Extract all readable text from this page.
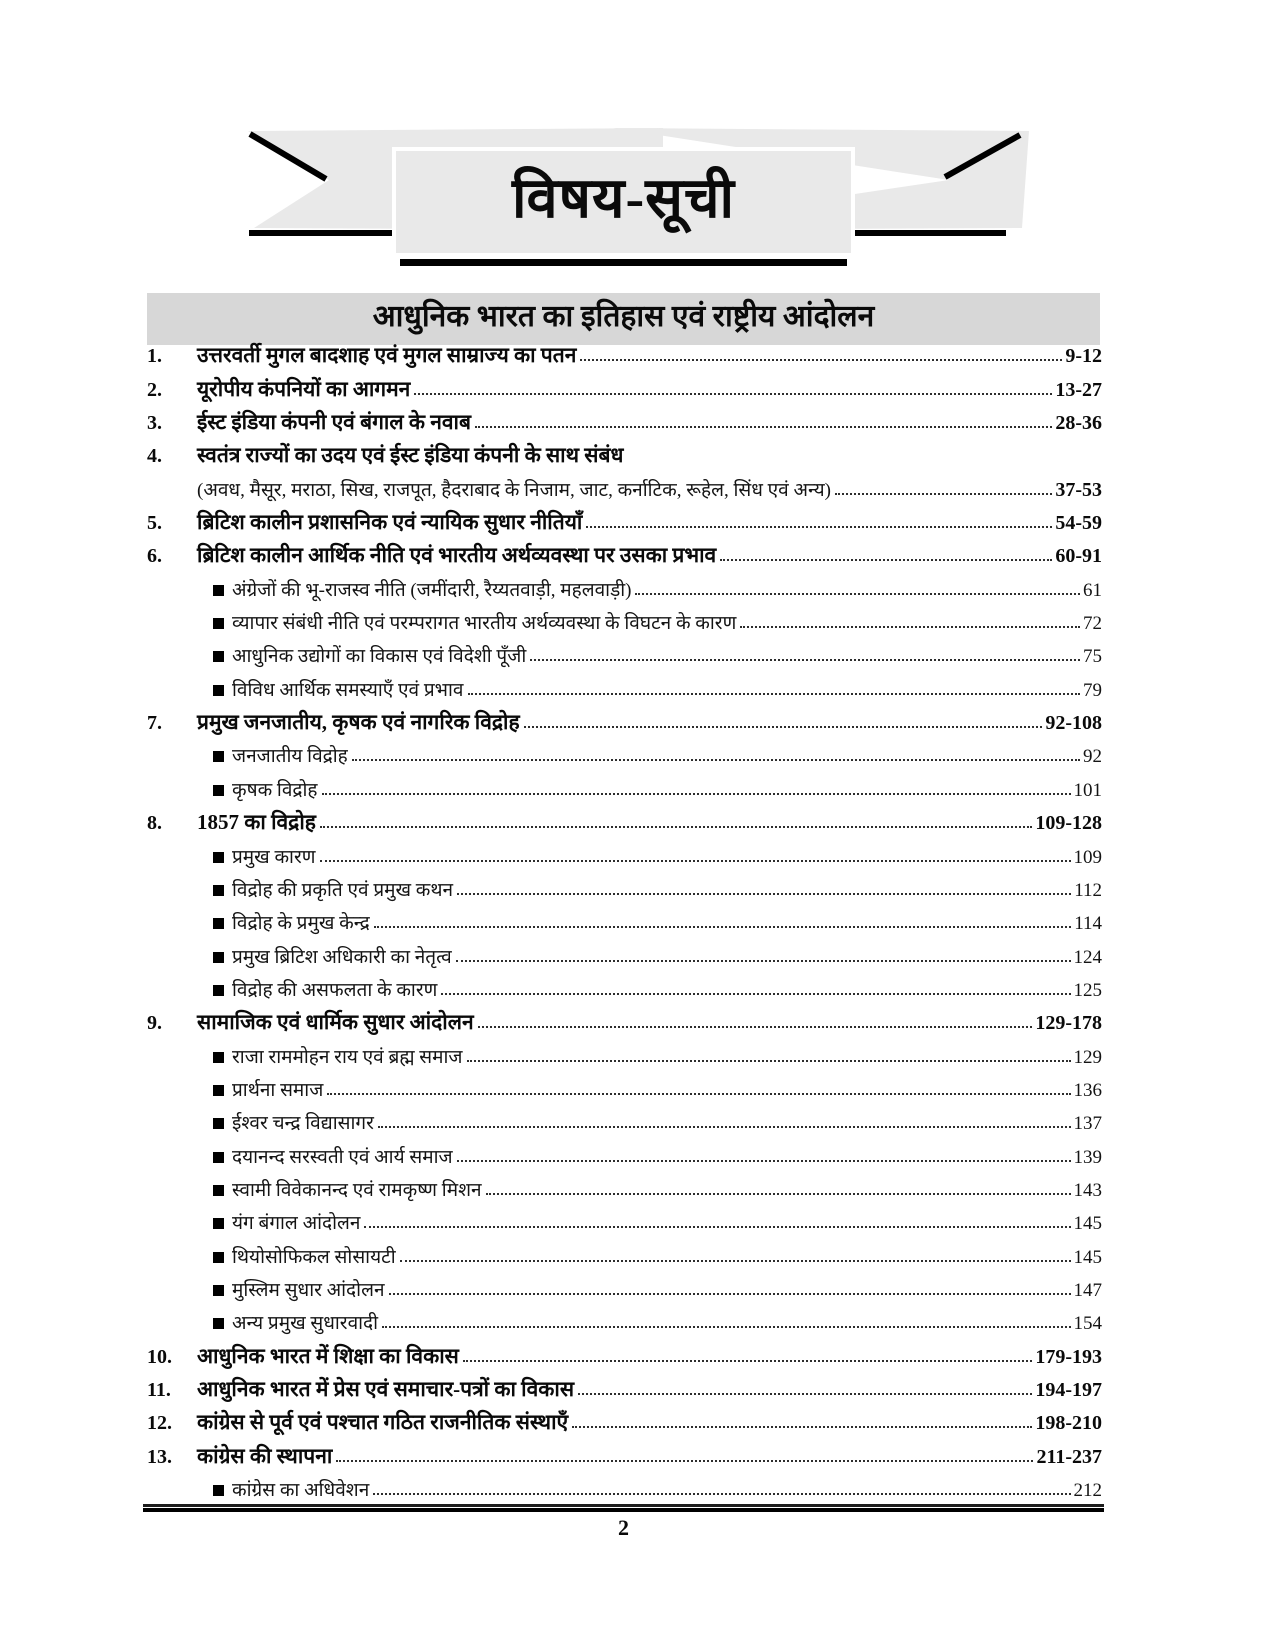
विषय-सूची
आधुनिक भारत का इतिहास एवं राष्ट्रीय आंदोलन
1.	उत्तरवर्ती मुगल बादशाह एवं मुगल साम्राज्य का पतन	9-12
2.	यूरोपीय कंपनियों का आगमन	13-27
3.	ईस्ट इंडिया कंपनी एवं बंगाल के नवाब	28-36
4.	स्वतंत्र राज्यों का उदय एवं ईस्ट इंडिया कंपनी के साथ संबंध
(अवध, मैसूर, मराठा, सिख, राजपूत, हैदराबाद के निजाम, जाट, कर्नाटिक, रूहेल, सिंध एवं अन्य)	37-53
5.	ब्रिटिश कालीन प्रशासनिक एवं न्यायिक सुधार नीतियाँ	54-59
6.	ब्रिटिश कालीन आर्थिक नीति एवं भारतीय अर्थव्यवस्था पर उसका प्रभाव	60-91
अंग्रेजों की भू-राजस्व नीति (जमींदारी, रैय्यतवाड़ी, महलवाड़ी)	61
व्यापार संबंधी नीति एवं परम्परागत भारतीय अर्थव्यवस्था के विघटन के कारण	72
आधुनिक उद्योगों का विकास एवं विदेशी पूँजी	75
विविध आर्थिक समस्याएँ एवं प्रभाव	79
7.	प्रमुख जनजातीय, कृषक एवं नागरिक विद्रोह	92-108
जनजातीय विद्रोह	92
कृषक विद्रोह	101
8.	1857 का विद्रोह	109-128
प्रमुख कारण	109
विद्रोह की प्रकृति एवं प्रमुख कथन	112
विद्रोह के प्रमुख केन्द्र	114
प्रमुख ब्रिटिश अधिकारी का नेतृत्व	124
विद्रोह की असफलता के कारण	125
9.	सामाजिक एवं धार्मिक सुधार आंदोलन	129-178
राजा राममोहन राय एवं ब्रह्म समाज	129
प्रार्थना समाज	136
ईश्वर चन्द्र विद्यासागर	137
दयानन्द सरस्वती एवं आर्य समाज	139
स्वामी विवेकानन्द एवं रामकृष्ण मिशन	143
यंग बंगाल आंदोलन	145
थियोसोफिकल सोसायटी	145
मुस्लिम सुधार आंदोलन	147
अन्य प्रमुख सुधारवादी	154
10.	आधुनिक भारत में शिक्षा का विकास	179-193
11.	आधुनिक भारत में प्रेस एवं समाचार-पत्रों का विकास	194-197
12.	कांग्रेस से पूर्व एवं पश्चात गठित राजनीतिक संस्थाएँ	198-210
13.	कांग्रेस की स्थापना	211-237
कांग्रेस का अधिवेशन	212
2
